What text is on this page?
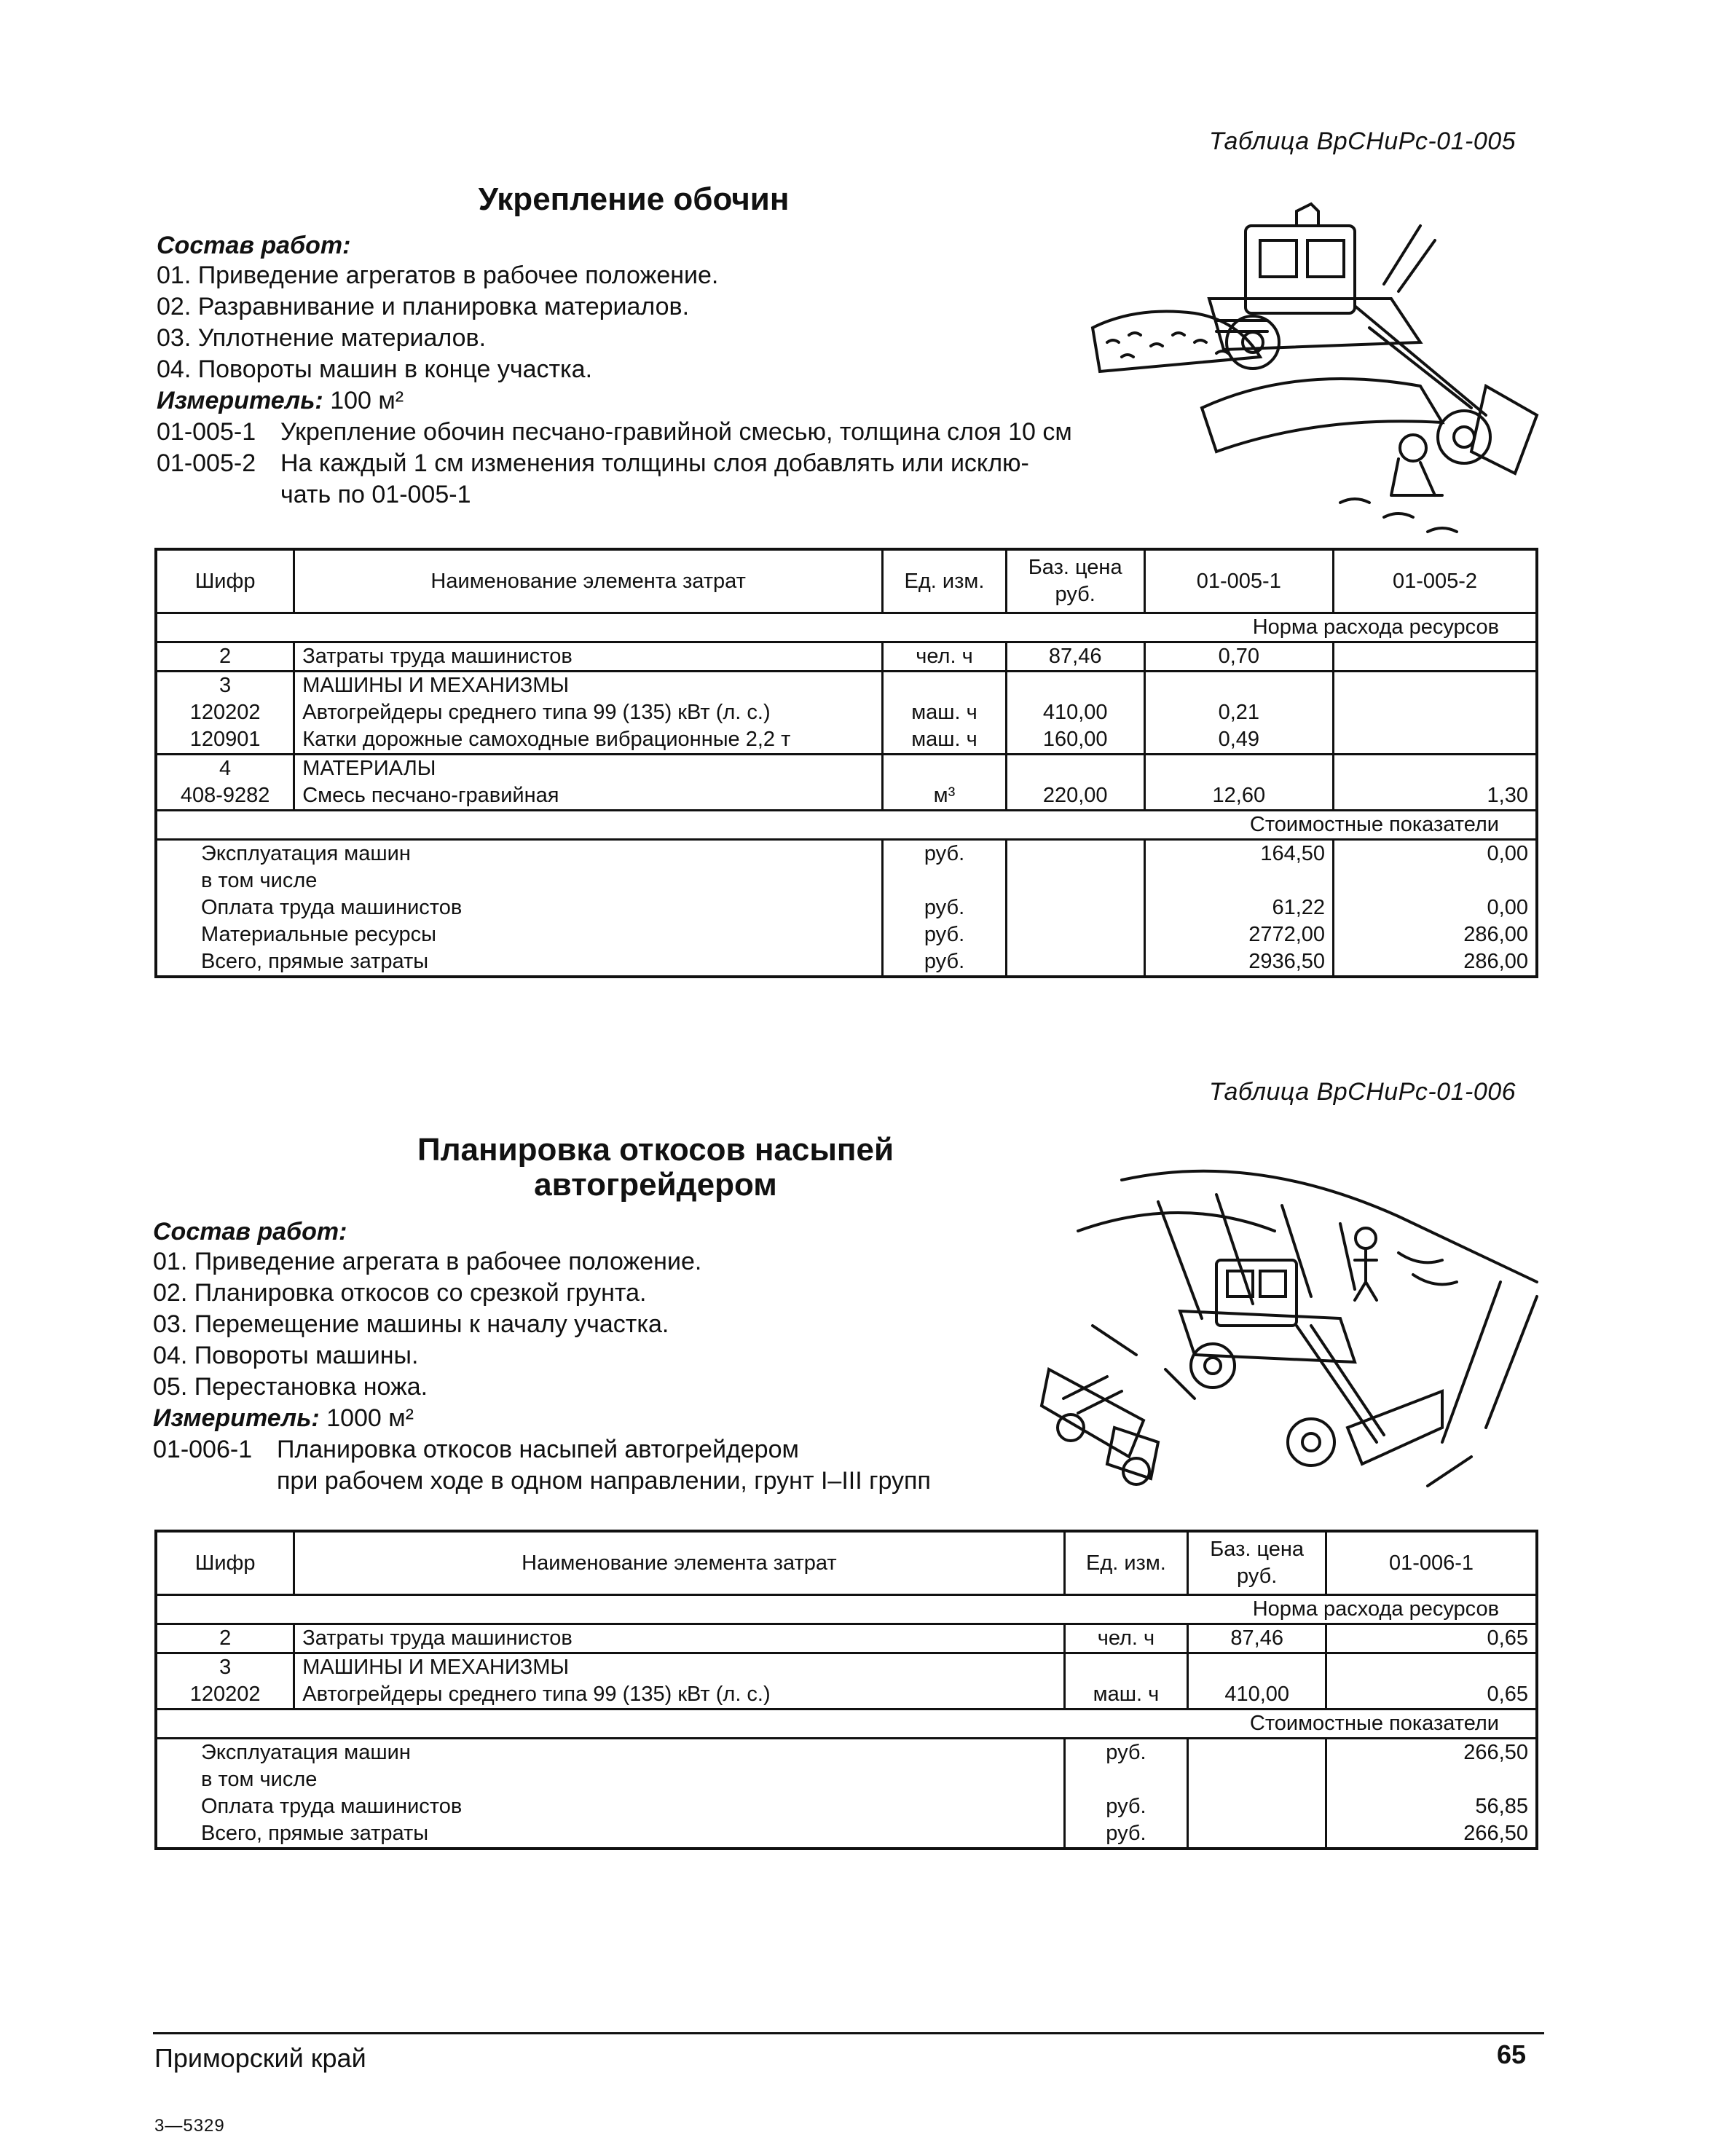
Таблица ВрСНиРс-01-005
Укрепление обочин
Состав работ:
01. Приведение агрегатов в рабочее положение.
02. Разравнивание и планировка материалов.
03. Уплотнение материалов.
04. Повороты машин в конце участка.
Измеритель: 100 м²
01-005-1 Укрепление обочин песчано-гравийной смесью, толщина слоя 10 см
01-005-2 На каждый 1 см изменения толщины слоя добавлять или исклю-
чать по 01-005-1
Шифр	Наименование элемента затрат	Ед. изм.	Баз. цена руб.	01-005-1	01-005-2
Норма расхода ресурсов					
2	Затраты труда машинистов	чел. ч	87,46	0,70	
3	МАШИНЫ И МЕХАНИЗМЫ				
120202	Автогрейдеры среднего типа 99 (135) кВт (л. с.)	маш. ч	410,00	0,21	
120901	Катки дорожные самоходные вибрационные 2,2 т	маш. ч	160,00	0,49	
4	МАТЕРИАЛЫ				
408-9282	Смесь песчано-гравийная	м³	220,00	12,60	1,30
Стоимостные показатели					
Эксплуатация машин		руб.		164,50	0,00
в том числе					
Оплата труда машинистов		руб.		61,22	0,00
Материальные ресурсы		руб.		2772,00	286,00
Всего, прямые затраты		руб.		2936,50	286,00
Таблица ВрСНиРс-01-006
Планировка откосов насыпей
автогрейдером
Состав работ:
01. Приведение агрегата в рабочее положение.
02. Планировка откосов со срезкой грунта.
03. Перемещение машины к началу участка.
04. Повороты машины.
05. Перестановка ножа.
Измеритель: 1000 м²
01-006-1 Планировка откосов насыпей автогрейдером
при рабочем ходе в одном направлении, грунт I–III групп
Шифр	Наименование элемента затрат	Ед. изм.	Баз. цена руб.	01-006-1
Норма расхода ресурсов				
2	Затраты труда машинистов	чел. ч	87,46	0,65
3	МАШИНЫ И МЕХАНИЗМЫ			
120202	Автогрейдеры среднего типа 99 (135) кВт (л. с.)	маш. ч	410,00	0,65
Стоимостные показатели				
Эксплуатация машин		руб.		266,50
в том числе				
Оплата труда машинистов		руб.		56,85
Всего, прямые затраты		руб.		266,50
Приморский край	65
3—5329
